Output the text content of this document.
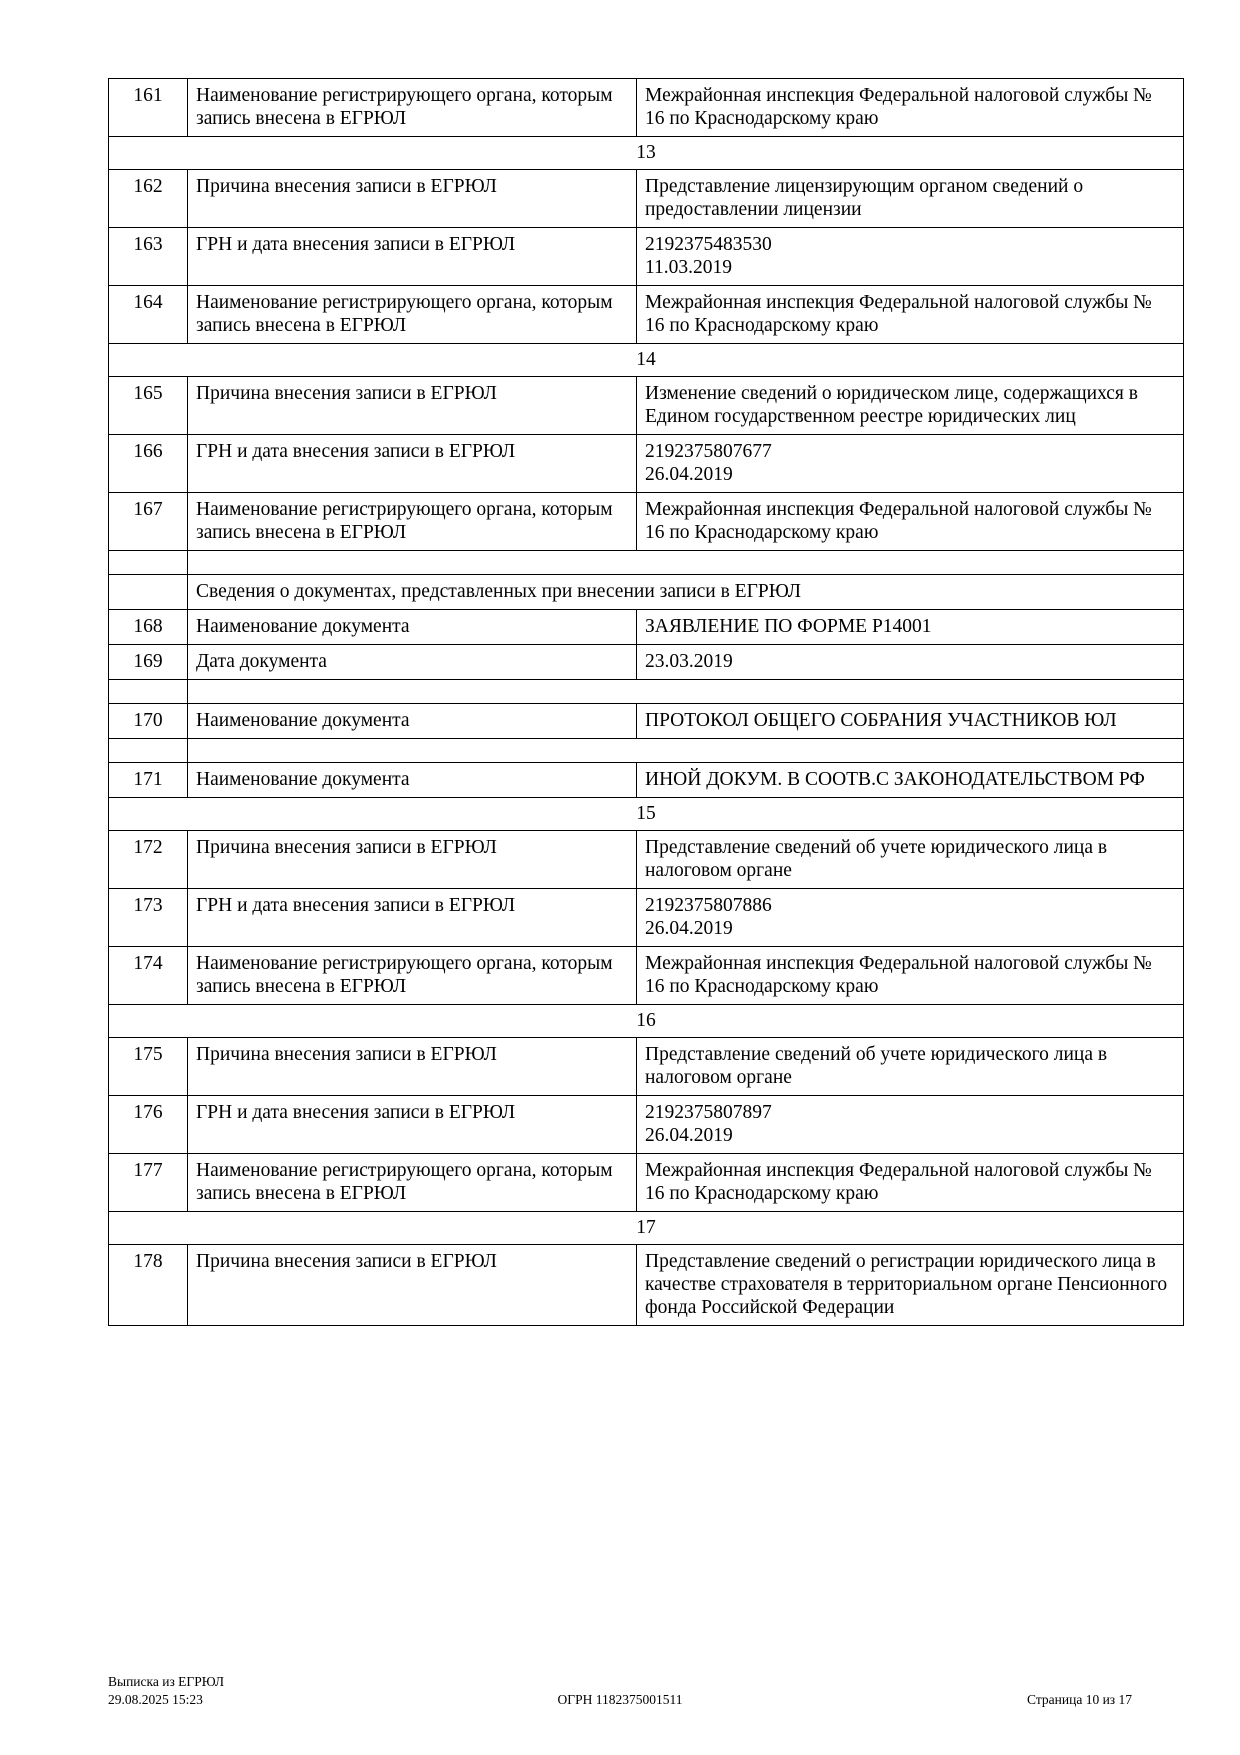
161	Наименование регистрирующего органа, которым запись внесена в ЕГРЮЛ	Межрайонная инспекция Федеральной налоговой службы № 16 по Краснодарскому краю
13		
162	Причина внесения записи в ЕГРЮЛ	Представление лицензирующим органом сведений о предоставлении лицензии
163	ГРН и дата внесения записи в ЕГРЮЛ	2192375483530
11.03.2019

164	Наименование регистрирующего органа, которым запись внесена в ЕГРЮЛ	Межрайонная инспекция Федеральной налоговой службы № 16 по Краснодарскому краю
14		
165	Причина внесения записи в ЕГРЮЛ	Изменение сведений о юридическом лице, содержащихся в Едином государственном реестре юридических лиц
166	ГРН и дата внесения записи в ЕГРЮЛ	2192375807677
26.04.2019

167	Наименование регистрирующего органа, которым запись внесена в ЕГРЮЛ	Межрайонная инспекция Федеральной налоговой службы № 16 по Краснодарскому краю

	Сведения о документах, представленных при внесении записи в ЕГРЮЛ	
168	Наименование документа	ЗАЯВЛЕНИЕ ПО ФОРМЕ Р14001
169	Дата документа	23.03.2019

170	Наименование документа	ПРОТОКОЛ ОБЩЕГО СОБРАНИЯ УЧАСТНИКОВ ЮЛ

171	Наименование документа	ИНОЙ ДОКУМ. В СООТВ.С ЗАКОНОДАТЕЛЬСТВОМ РФ
15		
172	Причина внесения записи в ЕГРЮЛ	Представление сведений об учете юридического лица в налоговом органе
173	ГРН и дата внесения записи в ЕГРЮЛ	2192375807886
26.04.2019

174	Наименование регистрирующего органа, которым запись внесена в ЕГРЮЛ	Межрайонная инспекция Федеральной налоговой службы № 16 по Краснодарскому краю
16		
175	Причина внесения записи в ЕГРЮЛ	Представление сведений об учете юридического лица в налоговом органе
176	ГРН и дата внесения записи в ЕГРЮЛ	2192375807897
26.04.2019

177	Наименование регистрирующего органа, которым запись внесена в ЕГРЮЛ	Межрайонная инспекция Федеральной налоговой службы № 16 по Краснодарскому краю
17		
178	Причина внесения записи в ЕГРЮЛ	Представление сведений о регистрации юридического лица в качестве страхователя в территориальном органе Пенсионного фонда Российской Федерации
Выписка из ЕГРЮЛ
29.08.2025 15:23	ОГРН 1182375001511	Страница 10 из 17
